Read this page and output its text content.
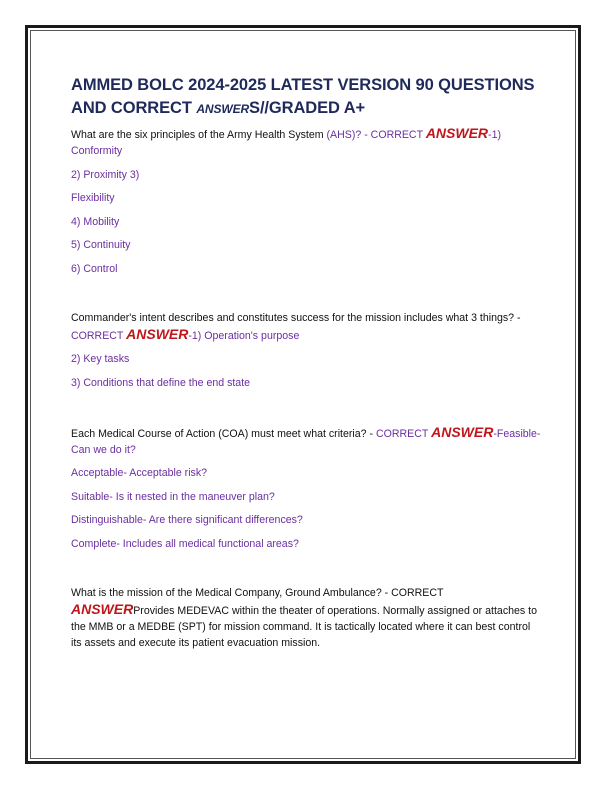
AMMED BOLC 2024-2025 LATEST VERSION 90 QUESTIONS AND CORRECT ANSWERS//GRADED A+

What are the six principles of the Army Health System (AHS)? - CORRECT ANSWER-1) Conformity

2) Proximity 3)

Flexibility

4) Mobility

5) Continuity

6) Control

Commander's intent describes and constitutes success for the mission includes what 3 things? -
CORRECT ANSWER-1) Operation's purpose

2) Key tasks

3) Conditions that define the end state

Each Medical Course of Action (COA) must meet what criteria? - CORRECT ANSWER-Feasible- Can we do it?

Acceptable- Acceptable risk?

Suitable- Is it nested in the maneuver plan?

Distinguishable- Are there significant differences?

Complete- Includes all medical functional areas?

What is the mission of the Medical Company, Ground Ambulance? - CORRECT
ANSWERProvides MEDEVAC within the theater of operations. Normally assigned or attaches to the MMB or a MEDBE (SPT) for mission command. It is tactically located where it can best control its assets and execute its patient evacuation mission.
